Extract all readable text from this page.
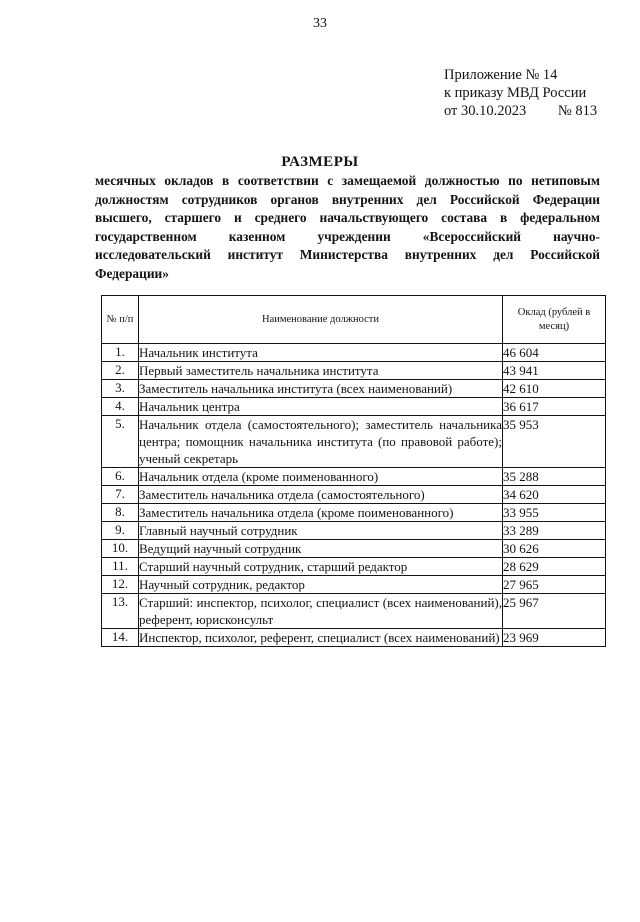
33
Приложение № 14
к приказу МВД России
от 30.10.2023 № 813
РАЗМЕРЫ
месячных окладов в соответствии с замещаемой должностью по нетиповым должностям сотрудников органов внутренних дел Российской Федерации высшего, старшего и среднего начальствующего состава в федеральном государственном казенном учреждении «Всероссийский научно-исследовательский институт Министерства внутренних дел Российской Федерации»
№ п/п	Наименование должности	Оклад (рублей в месяц)
1.	Начальник института	46 604
2.	Первый заместитель начальника института	43 941
3.	Заместитель начальника института (всех наименований)	42 610
4.	Начальник центра	36 617
5.	Начальник отдела (самостоятельного); заместитель начальника центра; помощник начальника института (по правовой работе); ученый секретарь	35 953
6.	Начальник отдела (кроме поименованного)	35 288
7.	Заместитель начальника отдела (самостоятельного)	34 620
8.	Заместитель начальника отдела (кроме поименованного)	33 955
9.	Главный научный сотрудник	33 289
10.	Ведущий научный сотрудник	30 626
11.	Старший научный сотрудник, старший редактор	28 629
12.	Научный сотрудник, редактор	27 965
13.	Старший: инспектор, психолог, специалист (всех наименований), референт, юрисконсульт	25 967
14.	Инспектор, психолог, референт, специалист (всех наименований)	23 969
